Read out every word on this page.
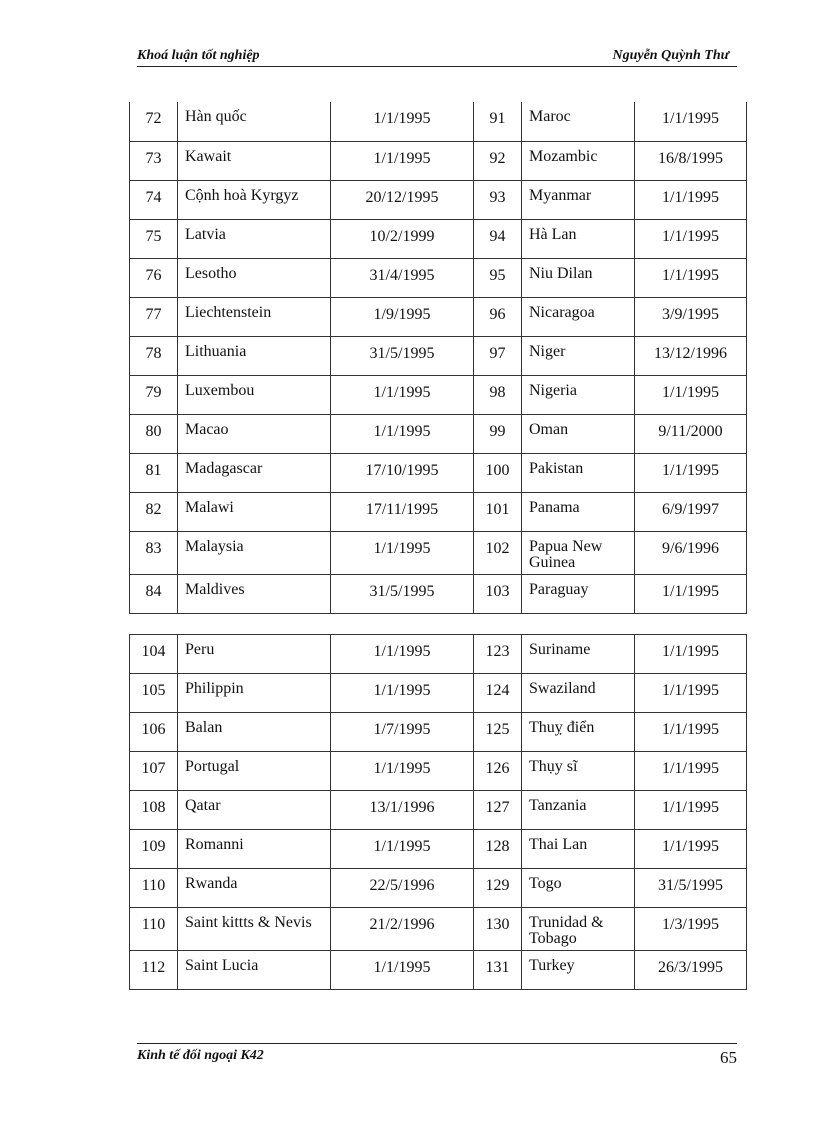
Khoá luận tốt nghiệp	Nguyễn Quỳnh Thư
72	Hàn quốc	1/1/1995	91	Maroc	1/1/1995
73	Kawait	1/1/1995	92	Mozambic	16/8/1995
74	Cộnh hoà Kyrgyz	20/12/1995	93	Myanmar	1/1/1995
75	Latvia	10/2/1999	94	Hà Lan	1/1/1995
76	Lesotho	31/4/1995	95	Niu Dilan	1/1/1995
77	Liechtenstein	1/9/1995	96	Nicaragoa	3/9/1995
78	Lithuania	31/5/1995	97	Niger	13/12/1996
79	Luxembou	1/1/1995	98	Nigeria	1/1/1995
80	Macao	1/1/1995	99	Oman	9/11/2000
81	Madagascar	17/10/1995	100	Pakistan	1/1/1995
82	Malawi	17/11/1995	101	Panama	6/9/1997
83	Malaysia	1/1/1995	102	Papua New Guinea	9/6/1996
84	Maldives	31/5/1995	103	Paraguay	1/1/1995
104	Peru	1/1/1995	123	Suriname	1/1/1995
105	Philippin	1/1/1995	124	Swaziland	1/1/1995
106	Balan	1/7/1995	125	Thuỵ điển	1/1/1995
107	Portugal	1/1/1995	126	Thụy sĩ	1/1/1995
108	Qatar	13/1/1996	127	Tanzania	1/1/1995
109	Romanni	1/1/1995	128	Thai Lan	1/1/1995
110	Rwanda	22/5/1996	129	Togo	31/5/1995
110	Saint kittts & Nevis	21/2/1996	130	Trunidad & Tobago	1/3/1995
112	Saint Lucia	1/1/1995	131	Turkey	26/3/1995
Kinh tế đối ngoại K42	65
